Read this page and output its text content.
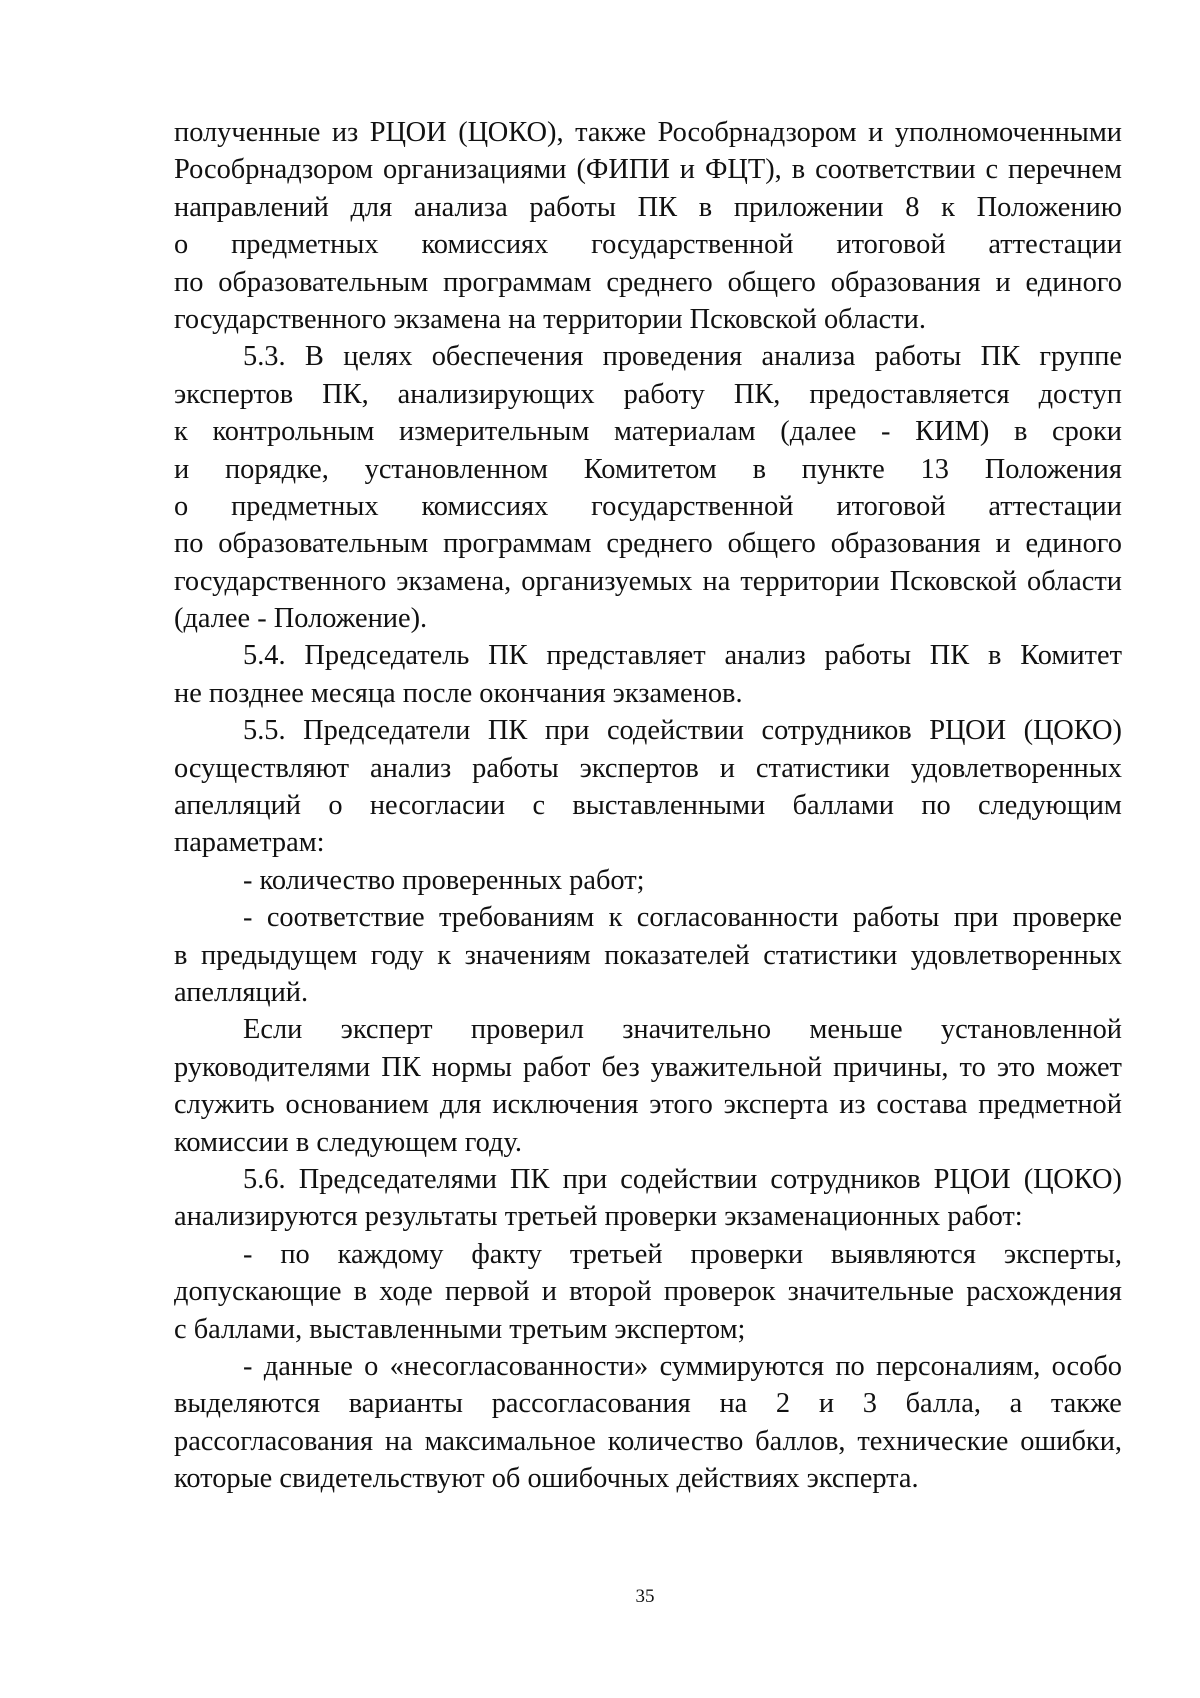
полученные из РЦОИ (ЦОКО), также Рособрнадзором и уполномоченными
Рособрнадзором организациями (ФИПИ и ФЦТ), в соответствии с перечнем
направлений для анализа работы ПК в приложении 8 к Положению
о предметных комиссиях государственной итоговой аттестации
по образовательным программам среднего общего образования и единого
государственного экзамена на территории Псковской области.
5.3. В целях обеспечения проведения анализа работы ПК группе
экспертов ПК, анализирующих работу ПК, предоставляется доступ
к контрольным измерительным материалам (далее - КИМ) в сроки
и порядке, установленном Комитетом в пункте 13 Положения
о предметных комиссиях государственной итоговой аттестации
по образовательным программам среднего общего образования и единого
государственного экзамена, организуемых на территории Псковской области
(далее - Положение).
5.4. Председатель ПК представляет анализ работы ПК в Комитет
не позднее месяца после окончания экзаменов.
5.5. Председатели ПК при содействии сотрудников РЦОИ (ЦОКО)
осуществляют анализ работы экспертов и статистики удовлетворенных
апелляций о несогласии с выставленными баллами по следующим
параметрам:
- количество проверенных работ;
- соответствие требованиям к согласованности работы при проверке
в предыдущем году к значениям показателей статистики удовлетворенных
апелляций.
Если эксперт проверил значительно меньше установленной
руководителями ПК нормы работ без уважительной причины, то это может
служить основанием для исключения этого эксперта из состава предметной
комиссии в следующем году.
5.6. Председателями ПК при содействии сотрудников РЦОИ (ЦОКО)
анализируются результаты третьей проверки экзаменационных работ:
- по каждому факту третьей проверки выявляются эксперты,
допускающие в ходе первой и второй проверок значительные расхождения
с баллами, выставленными третьим экспертом;
- данные о «несогласованности» суммируются по персоналиям, особо
выделяются варианты рассогласования на 2 и 3 балла, а также
рассогласования на максимальное количество баллов, технические ошибки,
которые свидетельствуют об ошибочных действиях эксперта.
35
